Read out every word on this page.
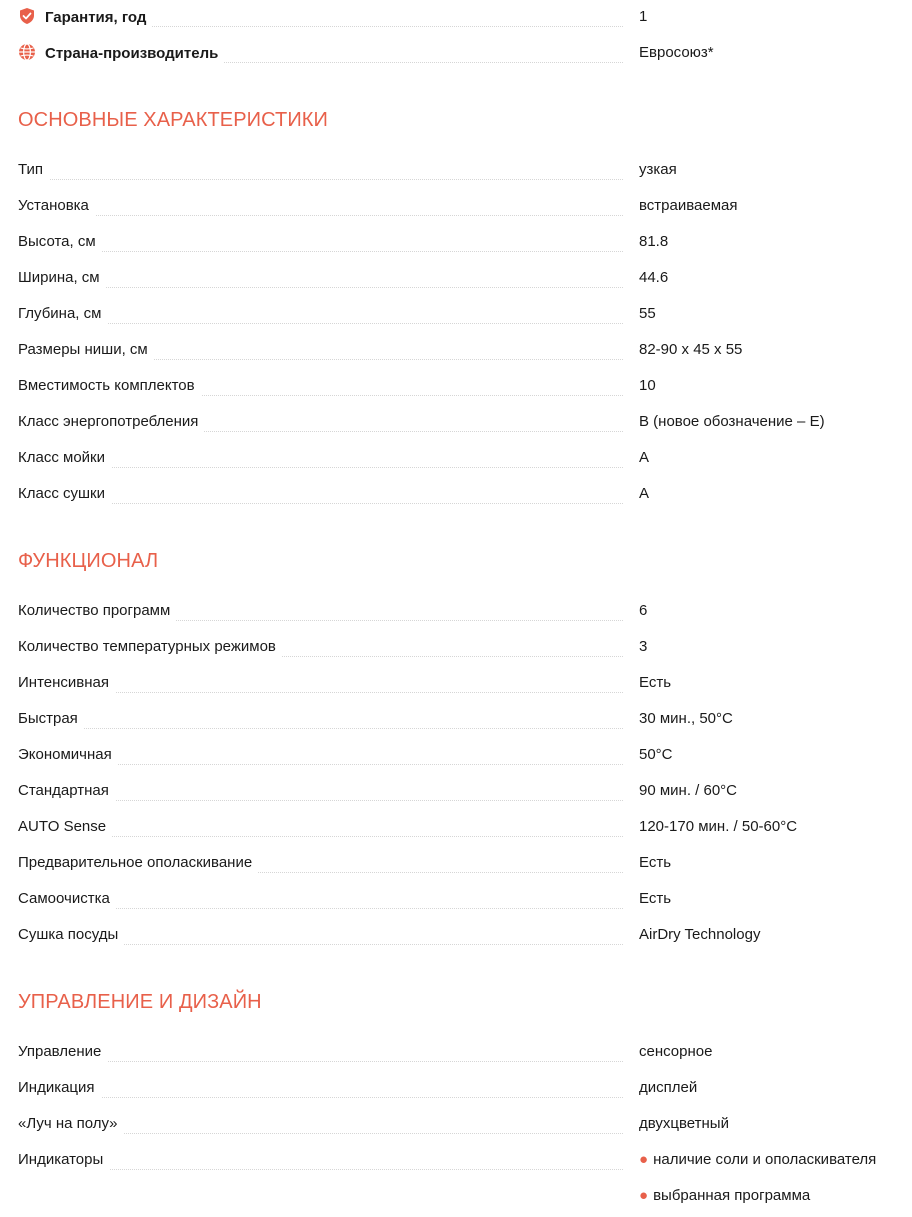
Гарантия, год	1
Страна-производитель	Евросоюз*
ОСНОВНЫЕ ХАРАКТЕРИСТИКИ
Тип	узкая
Установка	встраиваемая
Высота, см	81.8
Ширина, см	44.6
Глубина, см	55
Размеры ниши, см	82-90 x 45 x 55
Вместимость комплектов	10
Класс энергопотребления	B (новое обозначение – E)
Класс мойки	A
Класс сушки	A
ФУНКЦИОНАЛ
Количество программ	6
Количество температурных режимов	3
Интенсивная	Есть
Быстрая	30 мин., 50°C
Экономичная	50°C
Стандартная	90 мин. / 60°C
AUTO Sense	120-170 мин. / 50-60°C
Предварительное ополаскивание	Есть
Самоочистка	Есть
Сушка посуды	AirDry Technology
УПРАВЛЕНИЕ И ДИЗАЙН
Управление	сенсорное
Индикация	дисплей
«Луч на полу»	двухцветный
Индикаторы	● наличие соли и ополаскивателя
● выбранная программа
